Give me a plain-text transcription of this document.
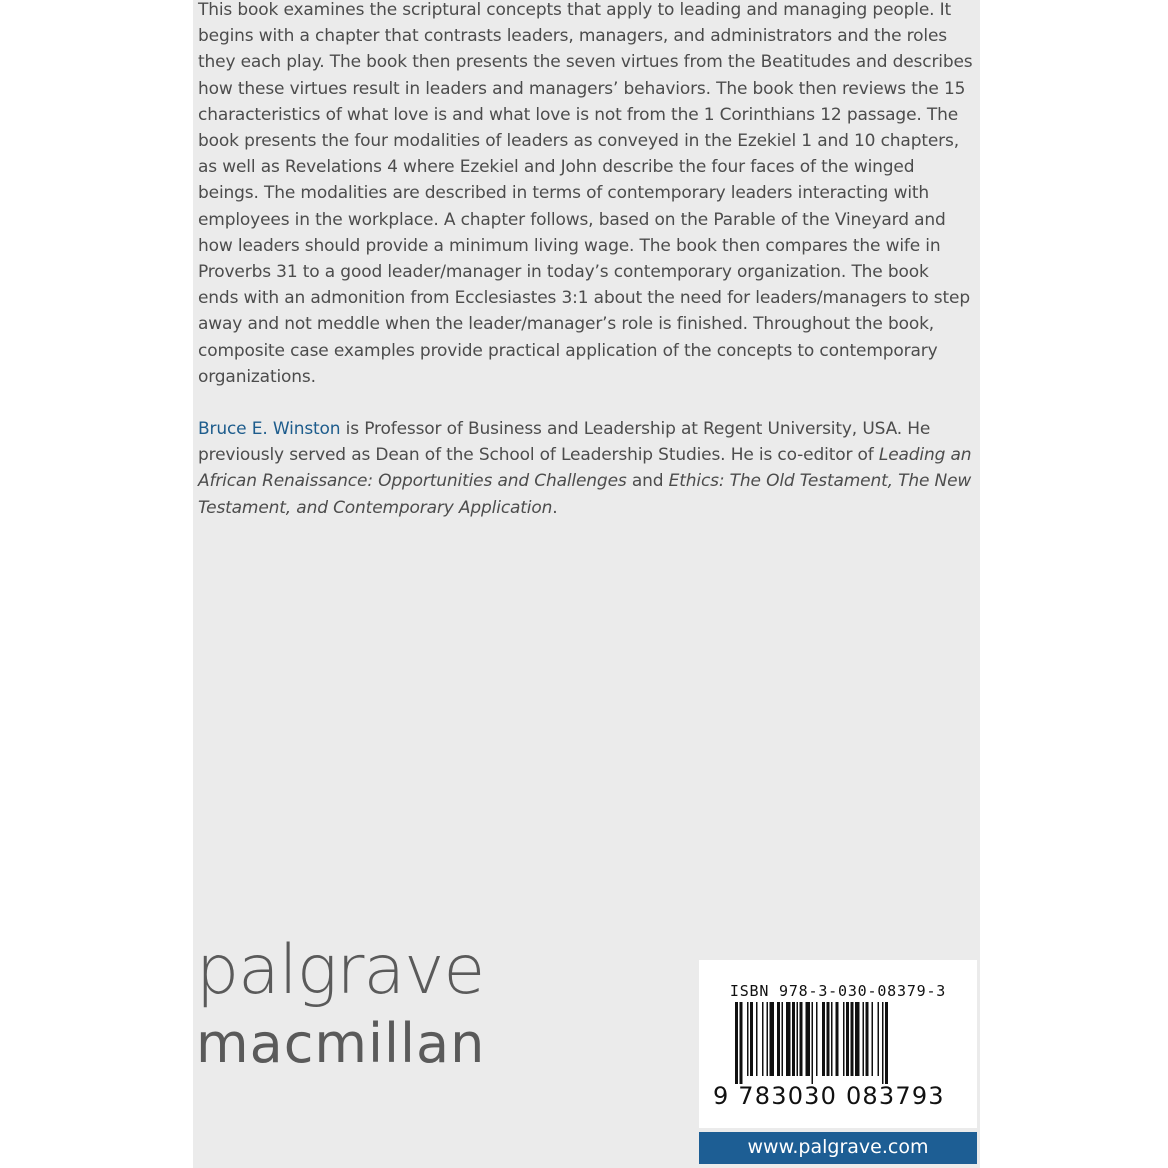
This book examines the scriptural concepts that apply to leading and managing people. It begins with a chapter that contrasts leaders, managers, and administrators and the roles they each play. The book then presents the seven virtues from the Beatitudes and describes how these virtues result in leaders and managers’ behaviors. The book then reviews the 15 characteristics of what love is and what love is not from the 1 Corinthians 12 passage. The book presents the four modalities of leaders as conveyed in the Ezekiel 1 and 10 chapters, as well as Revelations 4 where Ezekiel and John describe the four faces of the winged beings. The modalities are described in terms of contemporary leaders interacting with employees in the workplace. A chapter follows, based on the Parable of the Vineyard and how leaders should provide a minimum living wage. The book then compares the wife in Proverbs 31 to a good leader/manager in today’s contemporary organization. The book ends with an admonition from Ecclesiastes 3:1 about the need for leaders/managers to step away and not meddle when the leader/manager’s role is finished. Throughout the book, composite case examples provide practical application of the concepts to contemporary organizations.

Bruce E. Winston is Professor of Business and Leadership at Regent University, USA. He previously served as Dean of the School of Leadership Studies. He is co-editor of Leading an African Renaissance: Opportunities and Challenges and Ethics: The Old Testament, The New Testament, and Contemporary Application.

palgrave
macmillan
ISBN 978-3-030-08379-3
9 783030 083793
www.palgrave.com
